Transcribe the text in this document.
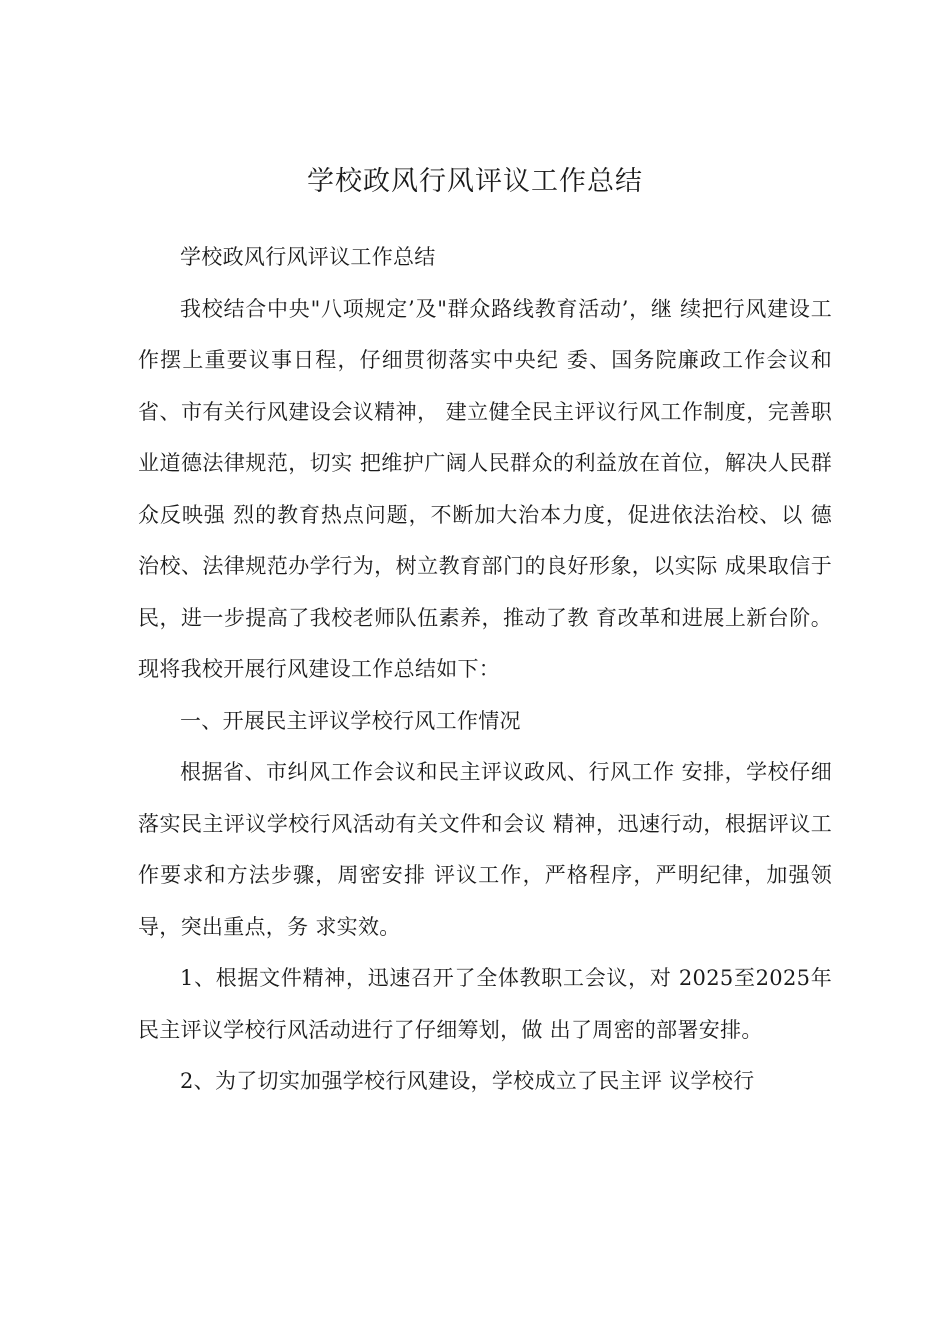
学校政风行风评议工作总结

学校政风行风评议工作总结

我校结合中央"八项规定’及"群众路线教育活动’，继 续把行风建设工作摆上重要议事日程，仔细贯彻落实中央纪 委、国务院廉政工作会议和省、市有关行风建设会议精神， 建立健全民主评议行风工作制度，完善职业道德法律规范，切实 把维护广阔人民群众的利益放在首位，解决人民群众反映强 烈的教育热点问题，不断加大治本力度，促进依法治校、以 德治校、法律规范办学行为，树立教育部门的良好形象，以实际 成果取信于民，进一步提高了我校老师队伍素养，推动了教 育改革和进展上新台阶。现将我校开展行风建设工作总结如下：

一、开展民主评议学校行风工作情况

根据省、市纠风工作会议和民主评议政风、行风工作 安排，学校仔细落实民主评议学校行风活动有关文件和会议 精神，迅速行动，根据评议工作要求和方法步骤，周密安排 评议工作，严格程序，严明纪律，加强领导，突出重点，务 求实效。

1、根据文件精神，迅速召开了全体教职工会议，对 2025至2025年民主评议学校行风活动进行了仔细筹划，做 出了周密的部署安排。

2、为了切实加强学校行风建设，学校成立了民主评 议学校行
